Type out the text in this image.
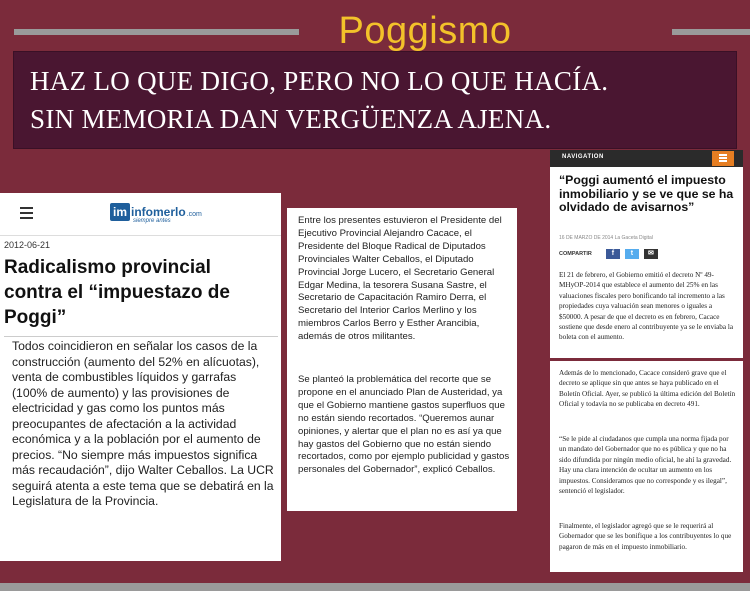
Poggismo
HAZ LO QUE DIGO, PERO NO LO QUE HACÍA.
SIN MEMORIA DAN VERGÜENZA AJENA.
im infomerlo .com
siempre antes
2012-06-21
Radicalismo provincial contra el “impuestazo de Poggi”
Todos coincidieron en señalar los casos de la construcción (aumento del 52% en alícuotas), venta de combustibles líquidos y garrafas (100% de aumento) y las provisiones de electricidad y gas como los puntos más preocupantes de afectación a la actividad económica y a la población por el aumento de precios. “No siempre más impuestos significa más recaudación”, dijo Walter Ceballos. La UCR seguirá atenta a este tema que se debatirá en la Legislatura de la Provincia.
Entre los presentes estuvieron el Presidente del Ejecutivo Provincial Alejandro Cacace, el Presidente del Bloque Radical de Diputados Provinciales Walter Ceballos, el Diputado Provincial Jorge Lucero, el Secretario General Edgar Medina, la tesorera Susana Sastre, el Secretario de Capacitación Ramiro Derra, el Secretario del Interior Carlos Merlino y los miembros Carlos Berro y Esther Arancibia, además de otros militantes.
Se planteó la problemática del recorte que se propone en el anunciado Plan de Austeridad, ya que el Gobierno mantiene gastos superfluos que no están siendo recortados. “Queremos aunar opiniones, y alertar que el plan no es así ya que hay gastos del Gobierno que no están siendo recortados, como por ejemplo publicidad y gastos personales del Gobernador”, explicó Ceballos.
NAVIGATION
“Poggi aumentó el impuesto inmobiliario y se ve que se ha olvidado de avisarnos”
16 DE MARZO DE 2014 La Gaceta Digital
COMPARTIR	f	t	✉
El 21 de febrero, el Gobierno emitió el decreto Nº 49-MHyOP-2014 que establece el aumento del 25% en las valuaciones fiscales pero bonificando tal incremento a las propiedades cuya valuación sean menores o iguales a $50000. A pesar de que el decreto es en febrero, Cacace sostiene que desde enero al contribuyente ya se le enviaba la boleta con el aumento.
Además de lo mencionado, Cacace consideró grave que el decreto se aplique sin que antes se haya publicado en el Boletín Oficial. Ayer, se publicó la última edición del Boletín Oficial y todavía no se publicaba en decreto 491.
“Se le pide al ciudadanos que cumpla una norma fijada por un mandato del Gobernador que no es pública y que no ha sido difundida por ningún medio oficial, he ahí la gravedad. Hay una clara intención de ocultar un aumento en los impuestos. Consideramos que no corresponde y es ilegal”, sentenció el legislador.
Finalmente, el legislador agregó que se le requerirá al Gobernador que se les bonifique a los contribuyentes lo que pagaron de más en el impuesto inmobiliario.
